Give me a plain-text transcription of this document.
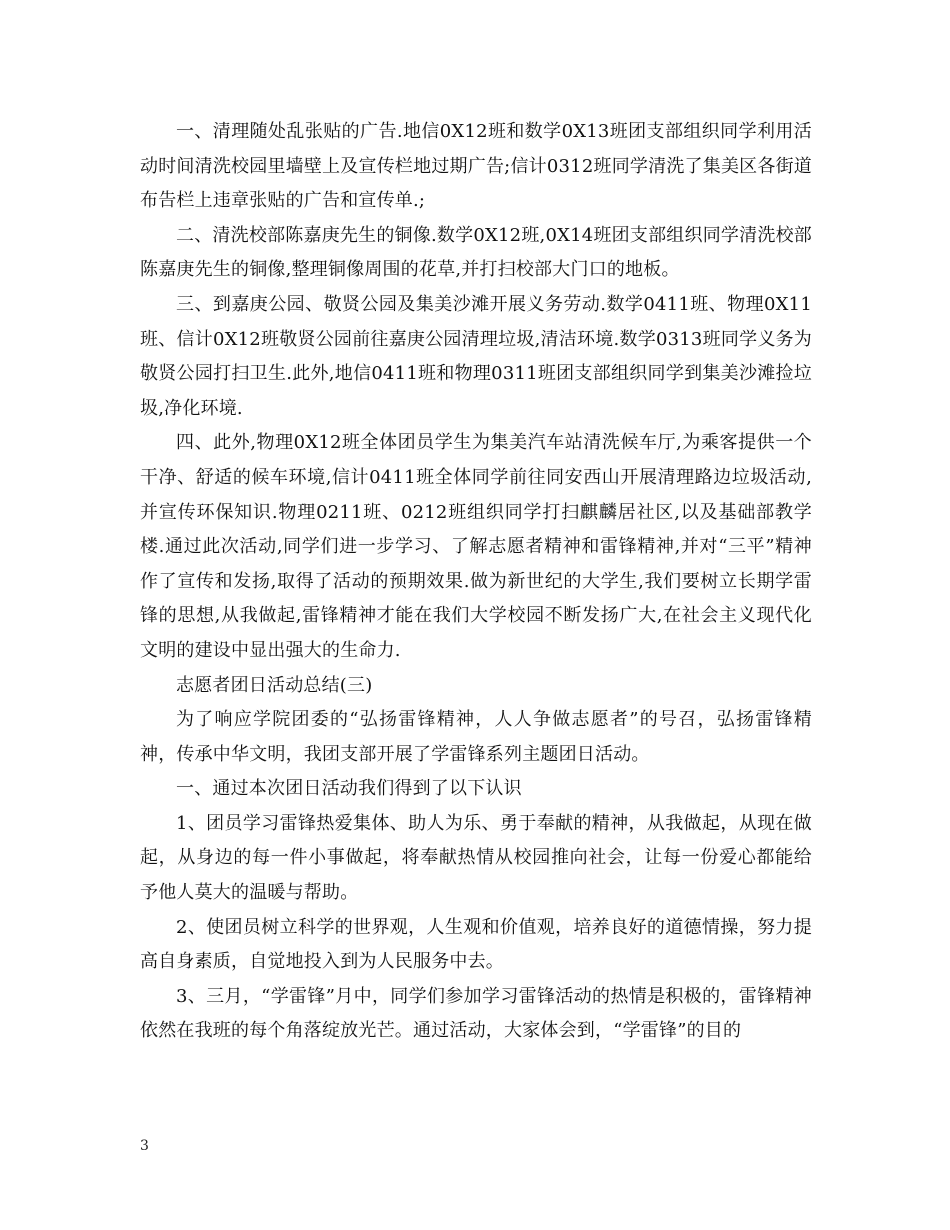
一、清理随处乱张贴的广告.地信0X12班和数学0X13班团支部组织同学利用活动时间清洗校园里墙壁上及宣传栏地过期广告;信计0312班同学清洗了集美区各街道布告栏上违章张贴的广告和宣传单.;

二、清洗校部陈嘉庚先生的铜像.数学0X12班,0X14班团支部组织同学清洗校部陈嘉庚先生的铜像,整理铜像周围的花草,并打扫校部大门口的地板。

三、到嘉庚公园、敬贤公园及集美沙滩开展义务劳动.数学0411班、物理0X11班、信计0X12班敬贤公园前往嘉庚公园清理垃圾,清洁环境.数学0313班同学义务为敬贤公园打扫卫生.此外,地信0411班和物理0311班团支部组织同学到集美沙滩捡垃圾,净化环境.

四、此外,物理0X12班全体团员学生为集美汽车站清洗候车厅,为乘客提供一个干净、舒适的候车环境,信计0411班全体同学前往同安西山开展清理路边垃圾活动,并宣传环保知识.物理0211班、0212班组织同学打扫麒麟居社区,以及基础部教学楼.通过此次活动,同学们进一步学习、了解志愿者精神和雷锋精神,并对“三平”精神作了宣传和发扬,取得了活动的预期效果.做为新世纪的大学生,我们要树立长期学雷锋的思想,从我做起,雷锋精神才能在我们大学校园不断发扬广大,在社会主义现代化文明的建设中显出强大的生命力.

志愿者团日活动总结(三)

为了响应学院团委的“弘扬雷锋精神，人人争做志愿者”的号召，弘扬雷锋精神，传承中华文明，我团支部开展了学雷锋系列主题团日活动。

一、通过本次团日活动我们得到了以下认识

1、团员学习雷锋热爱集体、助人为乐、勇于奉献的精神，从我做起，从现在做起，从身边的每一件小事做起，将奉献热情从校园推向社会，让每一份爱心都能给予他人莫大的温暖与帮助。

2、使团员树立科学的世界观，人生观和价值观，培养良好的道德情操，努力提高自身素质，自觉地投入到为人民服务中去。

3、三月，“学雷锋”月中，同学们参加学习雷锋活动的热情是积极的，雷锋精神依然在我班的每个角落绽放光芒。通过活动，大家体会到，“学雷锋”的目的

3
